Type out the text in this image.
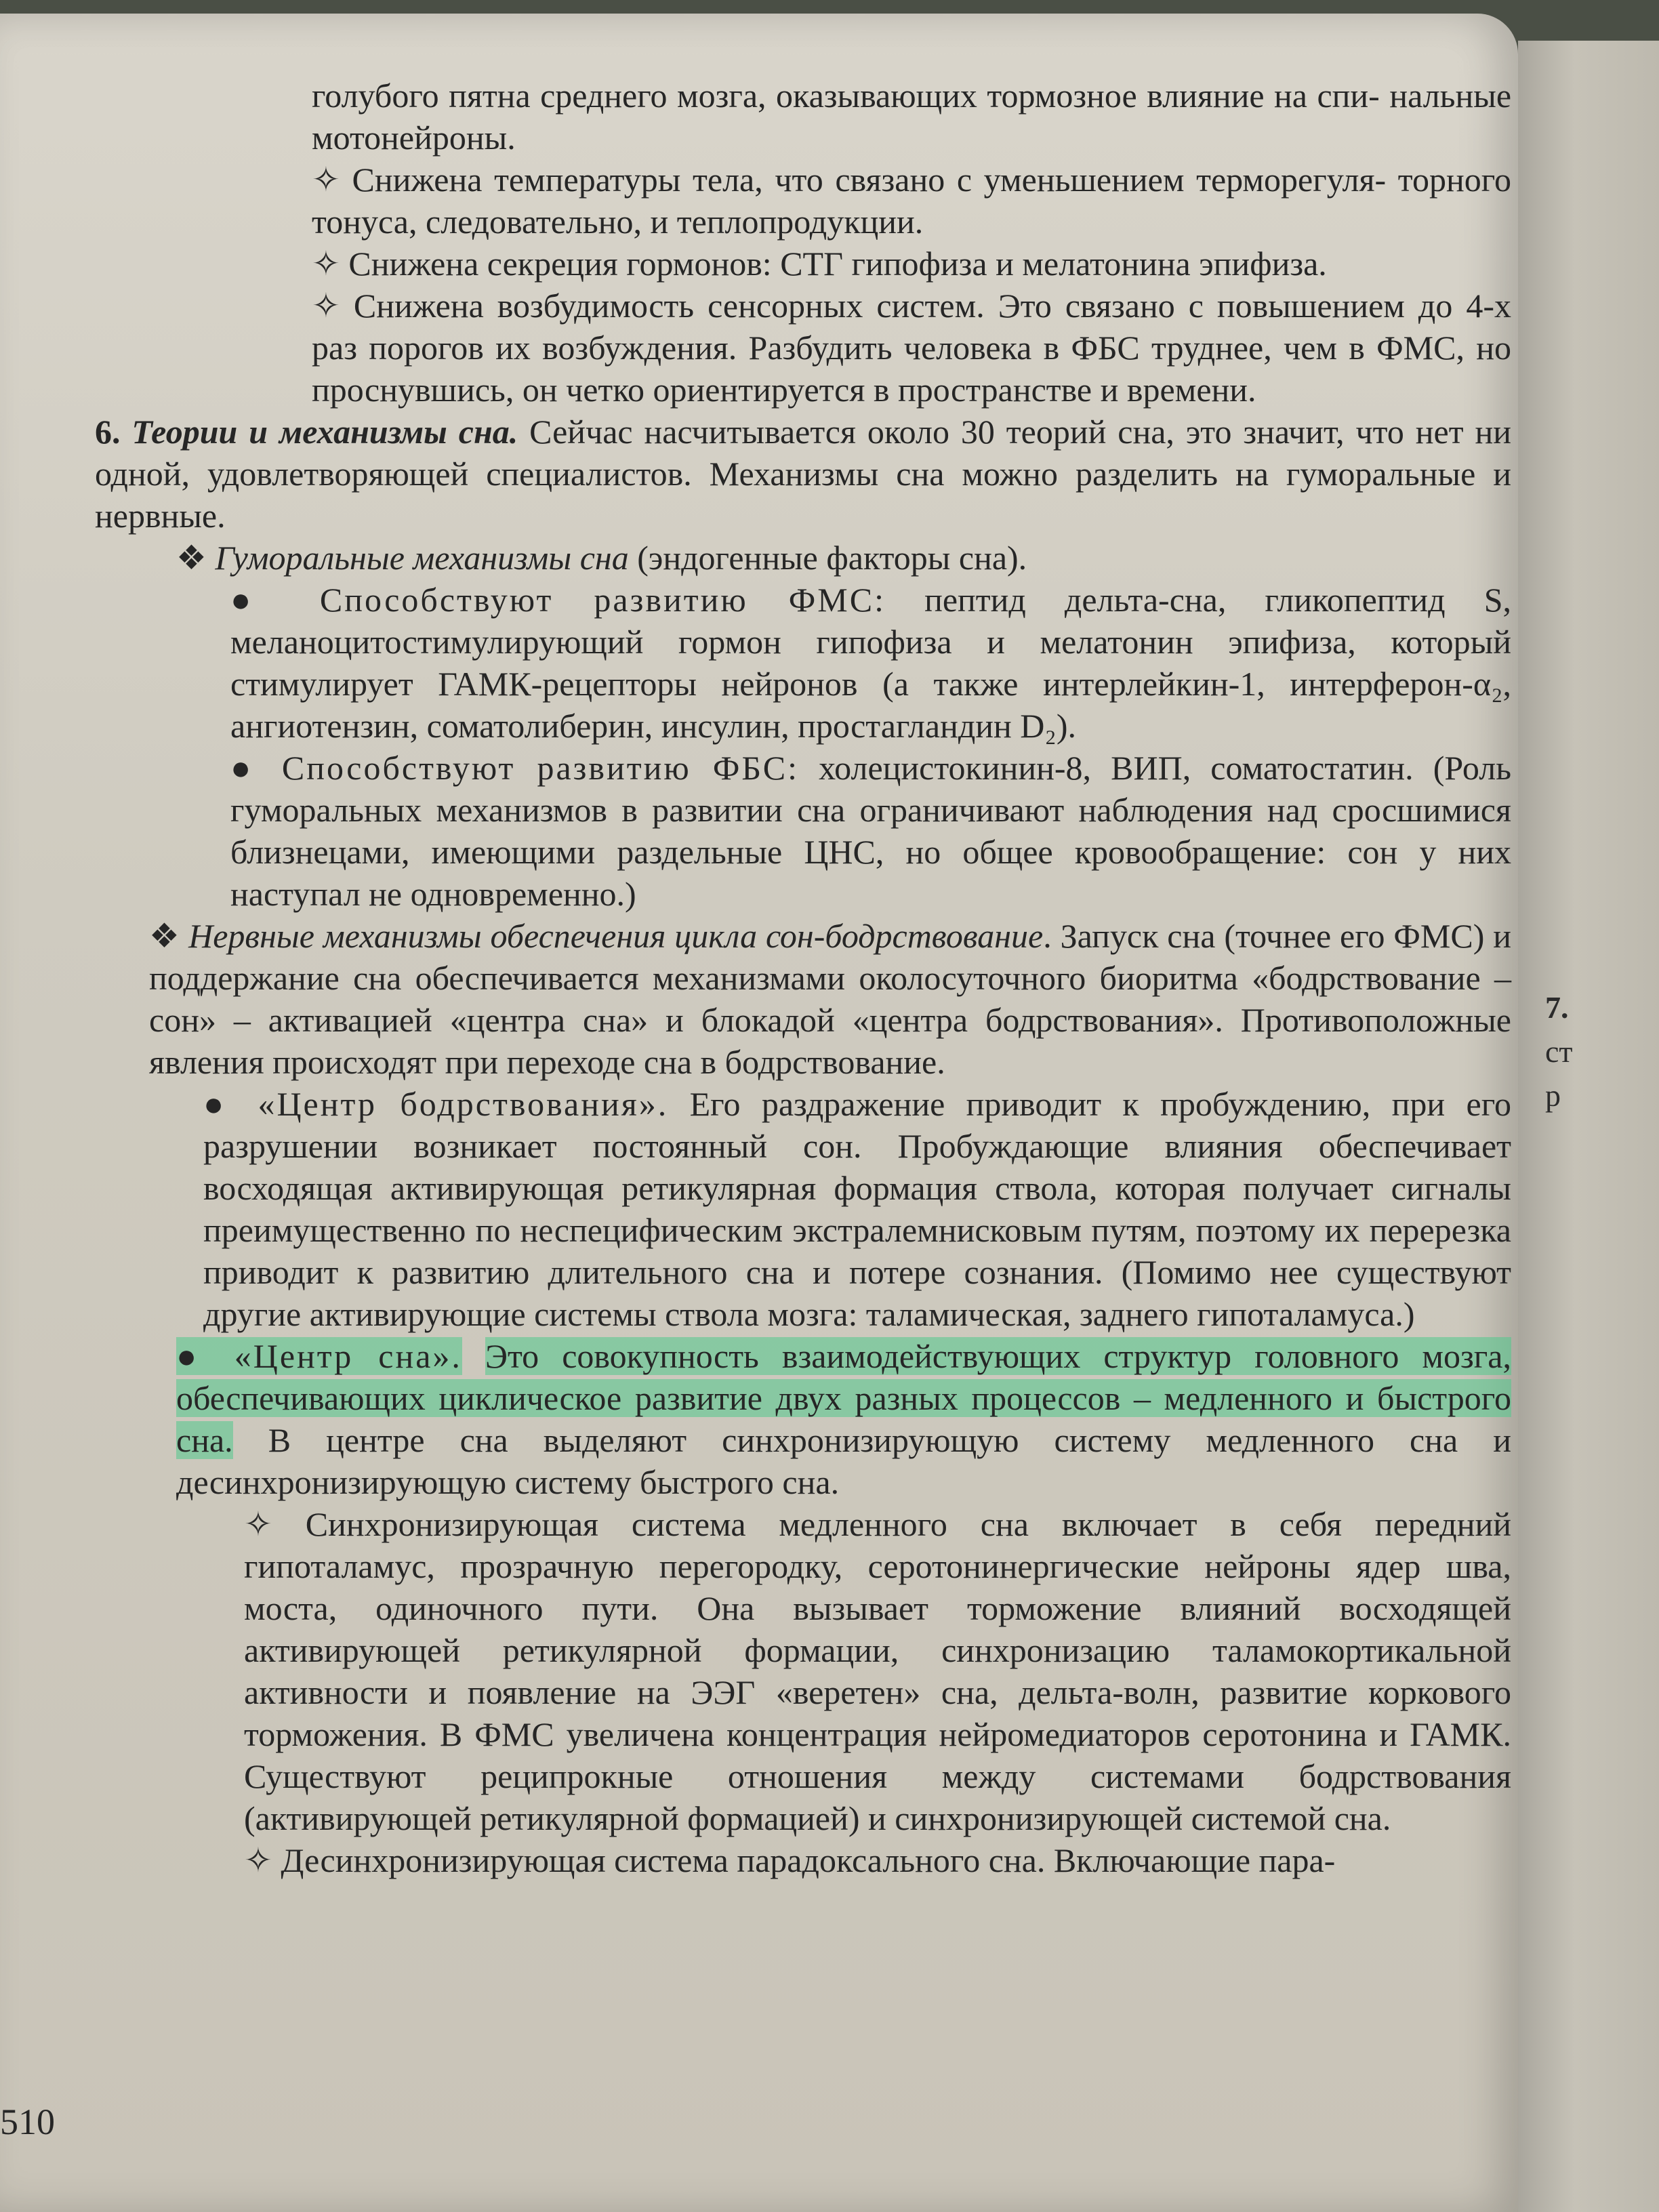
7.
ст
р

голубого пятна среднего мозга, оказывающих тормозное влияние на спи- нальные мотонейроны.

✧ Снижена температуры тела, что связано с уменьшением терморегуля- торного тонуса, следовательно, и теплопродукции.

✧ Снижена секреция гормонов: СТГ гипофиза и мелатонина эпифиза.

✧ Снижена возбудимость сенсорных систем. Это связано с повышением до 4-х раз порогов их возбуждения. Разбудить человека в ФБС труднее, чем в ФМС, но проснувшись, он четко ориентируется в пространстве и времени.

6. Теории и механизмы сна. Сейчас насчитывается около 30 теорий сна, это значит, что нет ни одной, удовлетворяющей специалистов. Механизмы сна можно разделить на гуморальные и нервные.

❖ Гуморальные механизмы сна (эндогенные факторы сна).

● Способствуют развитию ФМС: пептид дельта-сна, гликопептид S, меланоцитостимулирующий гормон гипофиза и мелатонин эпифиза, который стимулирует ГАМК-рецепторы нейронов (а также интерлейкин-1, интерферон-α₂, ангиотензин, соматолиберин, инсулин, простагландин D₂).

● Способствуют развитию ФБС: холецистокинин-8, ВИП, соматостатин. (Роль гуморальных механизмов в развитии сна ограничивают наблюдения над сросшимися близнецами, имеющими раздельные ЦНС, но общее кровообращение: сон у них наступал не одновременно.)

❖ Нервные механизмы обеспечения цикла сон-бодрствование. Запуск сна (точнее его ФМС) и поддержание сна обеспечивается механизмами околосуточного биоритма «бодрствование – сон» – активацией «центра сна» и блокадой «центра бодрствования». Противоположные явления происходят при переходе сна в бодрствование.

● «Центр бодрствования». Его раздражение приводит к пробуждению, при его разрушении возникает постоянный сон. Пробуждающие влияния обеспечивает восходящая активирующая ретикулярная формация ствола, которая получает сигналы преимущественно по неспецифическим экстралемнисковым путям, поэтому их перерезка приводит к развитию длительного сна и потере сознания. (Помимо нее существуют другие активирующие системы ствола мозга: таламическая, заднего гипоталамуса.)

● «Центр сна». Это совокупность взаимодействующих структур головного мозга, обеспечивающих циклическое развитие двух разных процессов – медленного и быстрого сна. В центре сна выделяют синхронизирующую систему медленного сна и десинхронизирующую систему быстрого сна.

✧ Синхронизирующая система медленного сна включает в себя передний гипоталамус, прозрачную перегородку, серотонинергические нейроны ядер шва, моста, одиночного пути. Она вызывает торможение влияний восходящей активирующей ретикулярной формации, синхронизацию таламокортикальной активности и появление на ЭЭГ «веретен» сна, дельта-волн, развитие коркового торможения. В ФМС увеличена концентрация нейромедиаторов серотонина и ГАМК. Существуют реципрокные отношения между системами бодрствования (активирующей ретикулярной формацией) и синхронизирующей системой сна.

✧ Десинхронизирующая система парадоксального сна. Включающие пара-

510
